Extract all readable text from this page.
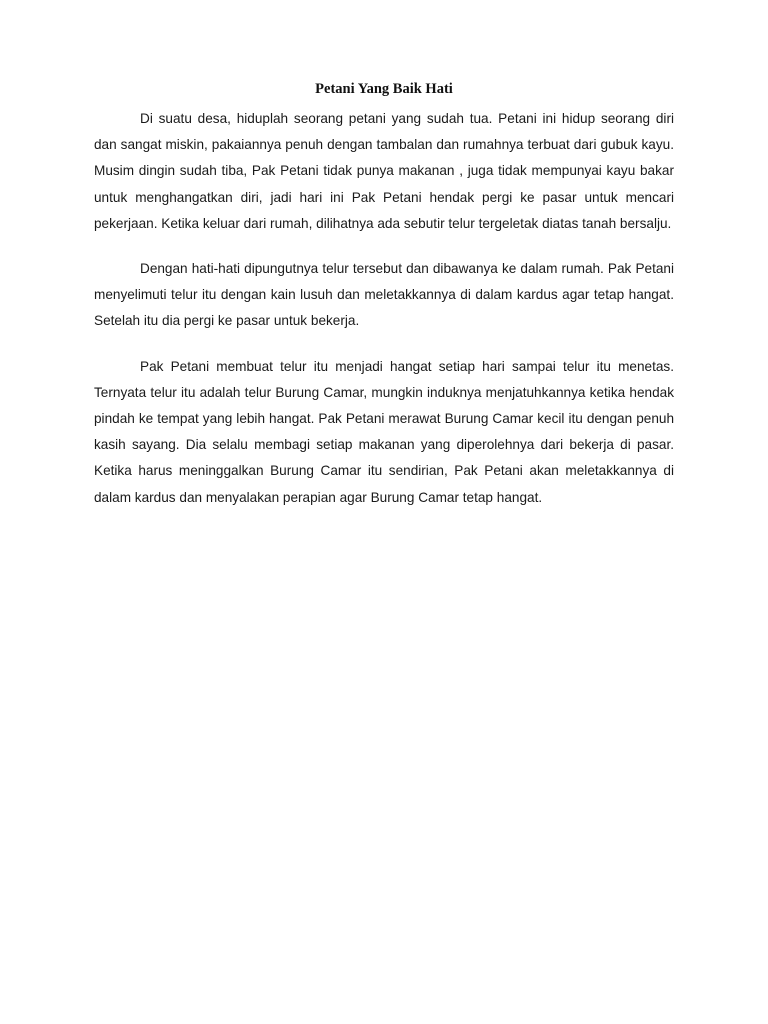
Petani Yang Baik Hati

Di suatu desa, hiduplah seorang petani yang sudah tua. Petani ini hidup seorang diri dan sangat miskin, pakaiannya penuh dengan tambalan dan rumahnya terbuat dari gubuk kayu. Musim dingin sudah tiba, Pak Petani tidak punya makanan , juga tidak mempunyai kayu bakar untuk menghangatkan diri, jadi hari ini Pak Petani hendak pergi ke pasar untuk mencari pekerjaan. Ketika keluar dari rumah, dilihatnya ada sebutir telur tergeletak diatas tanah bersalju.

Dengan hati-hati dipungutnya telur tersebut dan dibawanya ke dalam rumah. Pak Petani menyelimuti telur itu dengan kain lusuh dan meletakkannya di dalam kardus agar tetap hangat. Setelah itu dia pergi ke pasar untuk bekerja.

Pak Petani membuat telur itu menjadi hangat setiap hari sampai telur itu menetas. Ternyata telur itu adalah telur Burung Camar, mungkin induknya menjatuhkannya ketika hendak pindah ke tempat yang lebih hangat. Pak Petani merawat Burung Camar kecil itu dengan penuh kasih sayang. Dia selalu membagi setiap makanan yang diperolehnya dari bekerja di pasar. Ketika harus meninggalkan Burung Camar itu sendirian, Pak Petani akan meletakkannya di dalam kardus dan menyalakan perapian agar Burung Camar tetap hangat.
